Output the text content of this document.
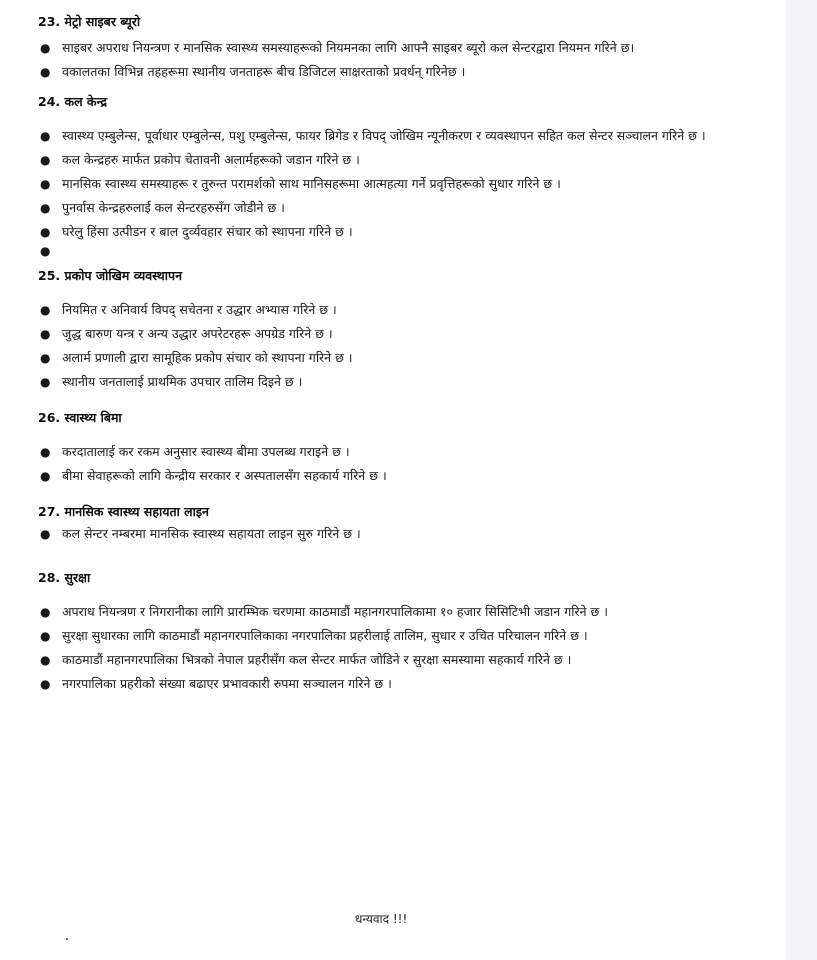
23. मेट्रो साइबर ब्यूरो
● साइबर अपराध नियन्त्रण र मानसिक स्वास्थ्य समस्याहरूको नियमनका लागि आफ्नै साइबर ब्यूरो कल सेन्टरद्वारा नियमन गरिने छ।
● वकालतका विभिन्न तहहरूमा स्थानीय जनताहरू बीच डिजिटल साक्षरताको प्रवर्धन् गरिनेछ ।
24. कल केन्द्र
● स्वास्थ्य एम्बुलेन्स, पूर्वाधार एम्बुलेन्स, पशु एम्बुलेन्स, फायर ब्रिगेड र विपद् जोखिम न्यूनीकरण र व्यवस्थापन सहित कल सेन्टर सञ्चालन गरिने छ ।
● कल केन्द्रहरु मार्फत प्रकोप चेतावनी अलार्महरूको जडान गरिने छ ।
● मानसिक स्वास्थ्य समस्याहरू र तुरुन्त परामर्शको साथ मानिसहरूमा आत्महत्या गर्ने प्रवृत्तिहरूको सुधार गरिने छ ।
● पुनर्वास केन्द्रहरुलाई कल सेन्टरहरुसँग जोडीने छ ।
● घरेलु हिंसा उत्पीडन र बाल दुर्व्यवहार संचार को स्थापना गरिने छ ।
●

25. प्रकोप जोखिम व्यवस्थापन
● नियमित र अनिवार्य विपद् सचेतना र उद्धार अभ्यास गरिने छ ।
● जुद्ध बारुण यन्त्र र अन्य उद्धार अपरेटरहरू अपग्रेड गरिने छ ।
● अलार्म प्रणाली द्वारा सामूहिक प्रकोप संचार को स्थापना गरिने छ ।
● स्थानीय जनतालाई प्राथमिक उपचार तालिम दिइने छ ।
26. स्वास्थ्य बिमा
● करदातालाई कर रकम अनुसार स्वास्थ्य बीमा उपलब्ध गराइने छ ।
● बीमा सेवाहरूको लागि केन्द्रीय सरकार र अस्पतालसँग सहकार्य गरिने छ ।
27. मानसिक स्वास्थ्य सहायता लाइन
● कल सेन्टर नम्बरमा मानसिक स्वास्थ्य सहायता लाइन सुरु गरिने छ ।
28. सुरक्षा
● अपराध नियन्त्रण र निगरानीका लागि प्रारम्भिक चरणमा काठमाडौं महानगरपालिकामा १० हजार सिसिटिभी जडान गरिने छ ।
● सुरक्षा सुधारका लागि काठमाडौं महानगरपालिकाका नगरपालिका प्रहरीलाई तालिम, सुधार र उचित परिचालन गरिने छ ।
● काठमाडौं महानगरपालिका भित्रको नेपाल प्रहरीसँग कल सेन्टर मार्फत जोडिने र सुरक्षा समस्यामा सहकार्य गरिने छ ।
● नगरपालिका प्रहरीको संख्या बढाएर प्रभावकारी रुपमा सञ्चालन गरिने छ ।
धन्यवाद !!!
